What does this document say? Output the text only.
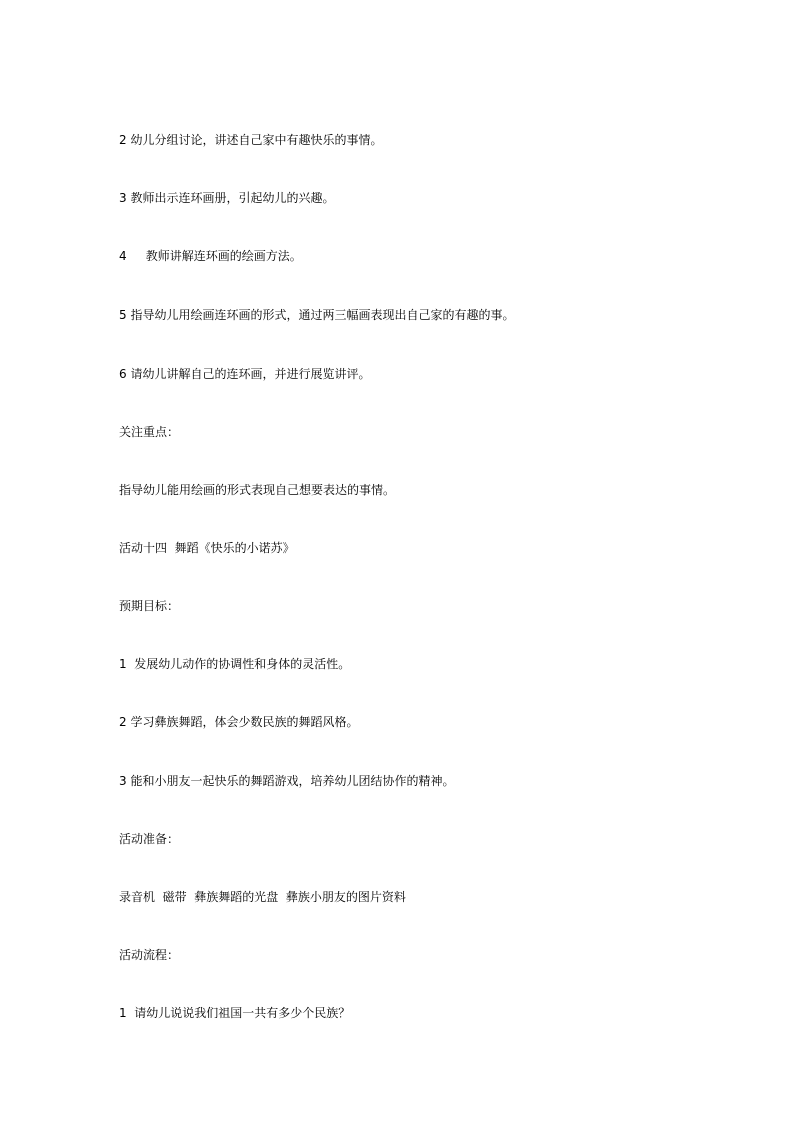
2 幼儿分组讨论，讲述自己家中有趣快乐的事情。

3 教师出示连环画册，引起幼儿的兴趣。

4     教师讲解连环画的绘画方法。

5 指导幼儿用绘画连环画的形式，通过两三幅画表现出自己家的有趣的事。

6 请幼儿讲解自己的连环画，并进行展览讲评。

关注重点：

指导幼儿能用绘画的形式表现自己想要表达的事情。

活动十四  舞蹈《快乐的小诺苏》

预期目标：

1  发展幼儿动作的协调性和身体的灵活性。

2 学习彝族舞蹈，体会少数民族的舞蹈风格。

3 能和小朋友一起快乐的舞蹈游戏，培养幼儿团结协作的精神。

活动准备：

录音机  磁带  彝族舞蹈的光盘  彝族小朋友的图片资料

活动流程：

1  请幼儿说说我们祖国一共有多少个民族？
